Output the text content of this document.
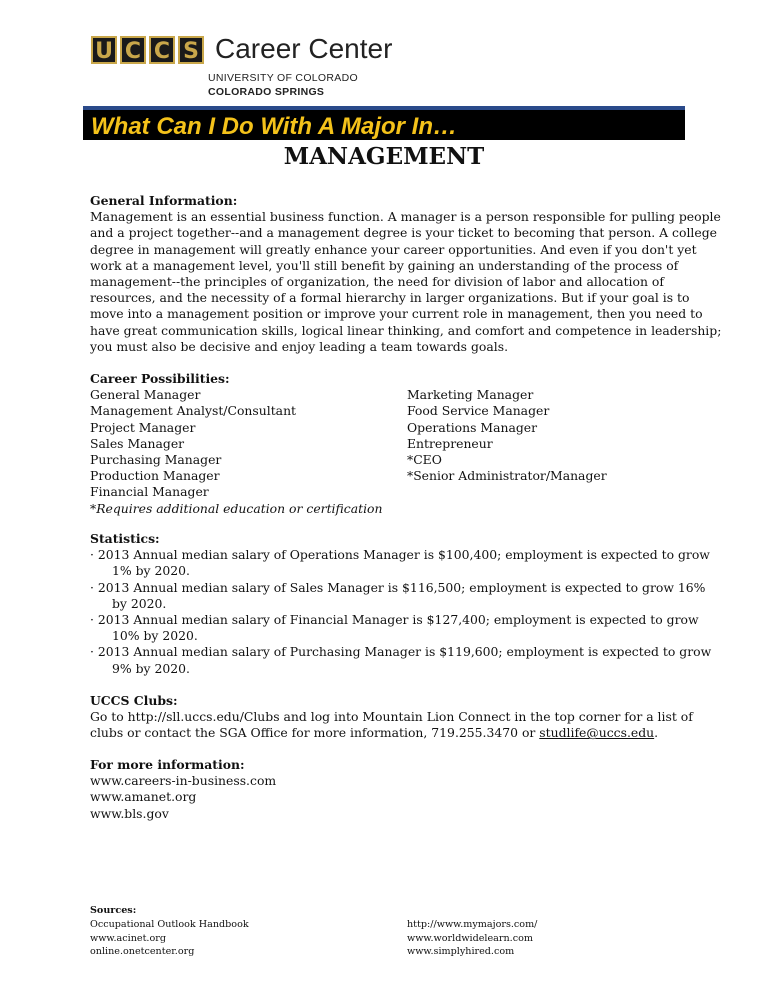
U C C S Career Center
UNIVERSITY OF COLORADO
COLORADO SPRINGS
What Can I Do With A Major In…
MANAGEMENT
General Information:
Management is an essential business function. A manager is a person responsible for pulling people
and a project together--and a management degree is your ticket to becoming that person. A college
degree in management will greatly enhance your career opportunities. And even if you don't yet
work at a management level, you'll still benefit by gaining an understanding of the process of
management--the principles of organization, the need for division of labor and allocation of
resources, and the necessity of a formal hierarchy in larger organizations. But if your goal is to
move into a management position or improve your current role in management, then you need to
have great communication skills, logical linear thinking, and comfort and competence in leadership;
you must also be decisive and enjoy leading a team towards goals.
Career Possibilities:
General Manager
Management Analyst/Consultant
Project Manager
Sales Manager
Purchasing Manager
Production Manager
Financial Manager
*Requires additional education or certification
Marketing Manager
Food Service Manager
Operations Manager
Entrepreneur
*CEO
*Senior Administrator/Manager
Statistics:
· 2013 Annual median salary of Operations Manager is $100,400; employment is expected to grow
1% by 2020.
· 2013 Annual median salary of Sales Manager is $116,500; employment is expected to grow 16%
by 2020.
· 2013 Annual median salary of Financial Manager is $127,400; employment is expected to grow
10% by 2020.
· 2013 Annual median salary of Purchasing Manager is $119,600; employment is expected to grow
9% by 2020.
UCCS Clubs:
Go to http://sll.uccs.edu/Clubs and log into Mountain Lion Connect in the top corner for a list of
clubs or contact the SGA Office for more information, 719.255.3470 or studlife@uccs.edu.
For more information:
www.careers-in-business.com
www.amanet.org
www.bls.gov
Sources:
Occupational Outlook Handbook
www.acinet.org
online.onetcenter.org
http://www.mymajors.com/
www.worldwidelearn.com
www.simplyhired.com
